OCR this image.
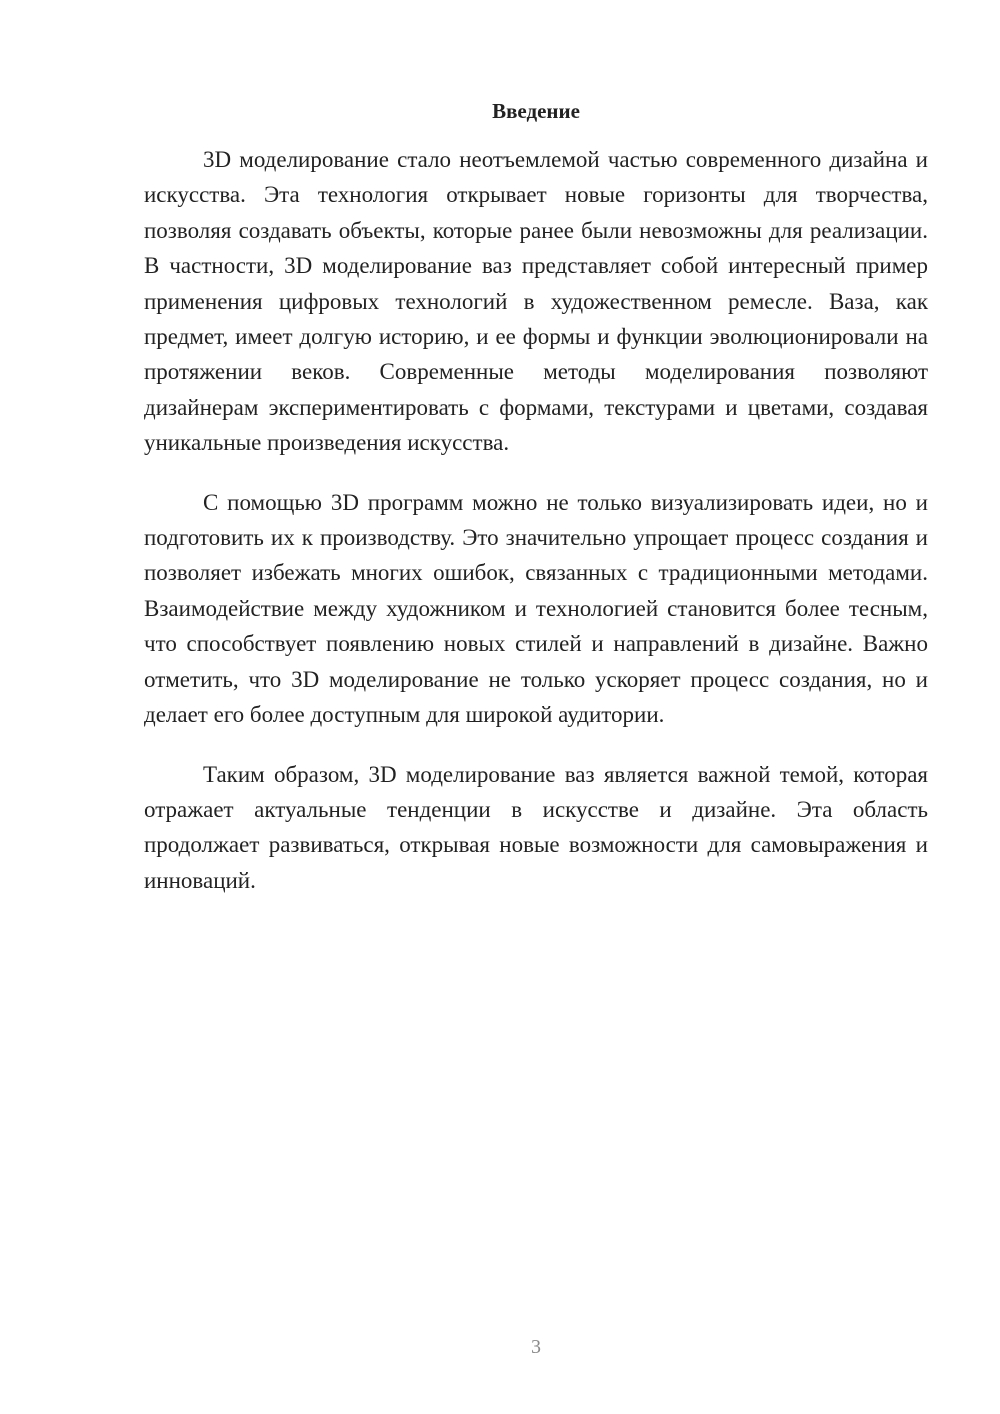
Введение

3D моделирование стало неотъемлемой частью современного дизайна и искусства. Эта технология открывает новые горизонты для творчества, позволяя создавать объекты, которые ранее были невозможны для реализации. В частности, 3D моделирование ваз представляет собой интересный пример применения цифровых технологий в художественном ремесле. Ваза, как предмет, имеет долгую историю, и ее формы и функции эволюционировали на протяжении веков. Современные методы моделирования позволяют дизайнерам экспериментировать с формами, текстурами и цветами, создавая уникальные произведения искусства.

С помощью 3D программ можно не только визуализировать идеи, но и подготовить их к производству. Это значительно упрощает процесс создания и позволяет избежать многих ошибок, связанных с традиционными методами. Взаимодействие между художником и технологией становится более тесным, что способствует появлению новых стилей и направлений в дизайне. Важно отметить, что 3D моделирование не только ускоряет процесс создания, но и делает его более доступным для широкой аудитории.

Таким образом, 3D моделирование ваз является важной темой, которая отражает актуальные тенденции в искусстве и дизайне. Эта область продолжает развиваться, открывая новые возможности для самовыражения и инноваций.

3
